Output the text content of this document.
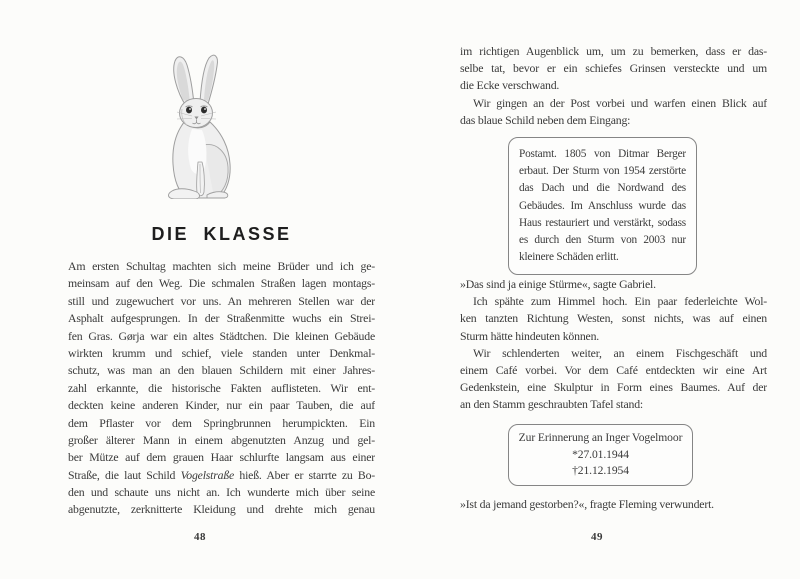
DIE KLASSE
Am ersten Schultag machten sich meine Brüder und ich ge-
meinsam auf den Weg. Die schmalen Straßen lagen montags-
still und zugewuchert vor uns. An mehreren Stellen war der
Asphalt aufgesprungen. In der Straßenmitte wuchs ein Strei-
fen Gras. Gørja war ein altes Städtchen. Die kleinen Gebäude
wirkten krumm und schief, viele standen unter Denkmal-
schutz, was man an den blauen Schildern mit einer Jahres-
zahl erkannte, die historische Fakten auflisteten. Wir ent-
deckten keine anderen Kinder, nur ein paar Tauben, die auf
dem Pflaster vor dem Springbrunnen herumpickten. Ein
großer älterer Mann in einem abgenutzten Anzug und gel-
ber Mütze auf dem grauen Haar schlurfte langsam aus einer
Straße, die laut Schild Vogelstraße hieß. Aber er starrte zu Bo-
den und schaute uns nicht an. Ich wunderte mich über seine
abgenutzte, zerknitterte Kleidung und drehte mich genau
48
im richtigen Augenblick um, um zu bemerken, dass er das-
selbe tat, bevor er ein schiefes Grinsen versteckte und um
die Ecke verschwand.
Wir gingen an der Post vorbei und warfen einen Blick auf
das blaue Schild neben dem Eingang:
Postamt. 1805 von Ditmar Berger
erbaut. Der Sturm von 1954 zerstörte
das Dach und die Nordwand des
Gebäudes. Im Anschluss wurde das
Haus restauriert und verstärkt, sodass
es durch den Sturm von 2003 nur
kleinere Schäden erlitt.
»Das sind ja einige Stürme«, sagte Gabriel.
Ich spähte zum Himmel hoch. Ein paar federleichte Wol-
ken tanzten Richtung Westen, sonst nichts, was auf einen
Sturm hätte hindeuten können.
Wir schlenderten weiter, an einem Fischgeschäft und
einem Café vorbei. Vor dem Café entdeckten wir eine Art
Gedenkstein, eine Skulptur in Form eines Baumes. Auf der
an den Stamm geschraubten Tafel stand:
Zur Erinnerung an Inger Vogelmoor
*27.01.1944
†21.12.1954
»Ist da jemand gestorben?«, fragte Fleming verwundert.
49
